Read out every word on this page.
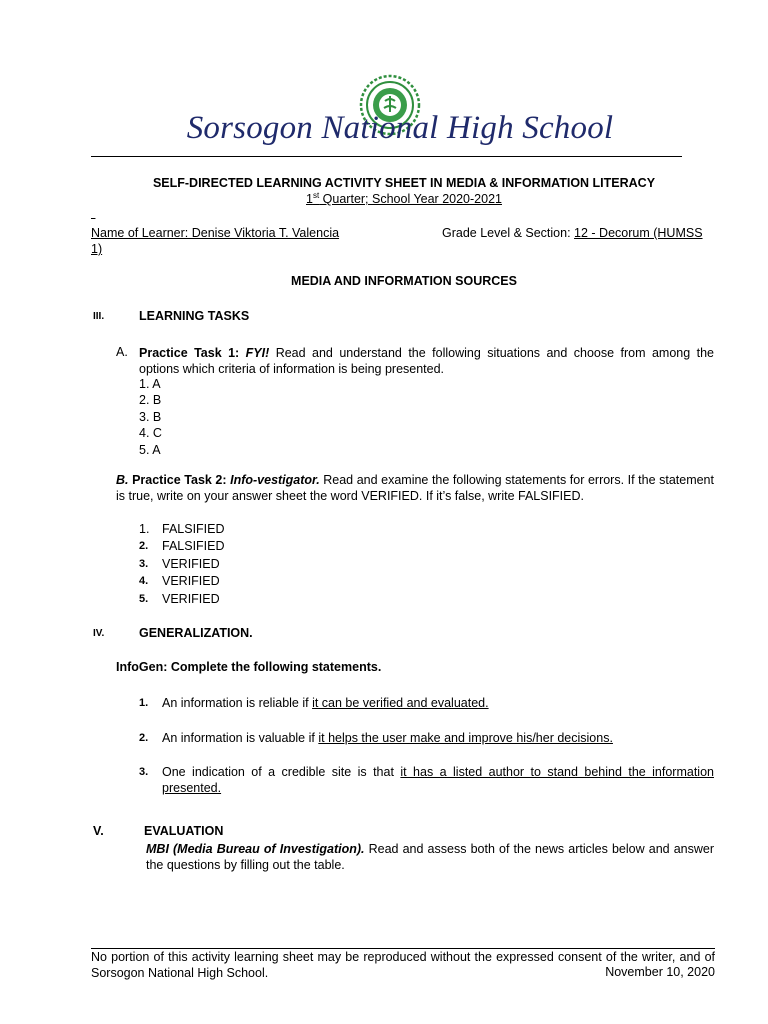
Sorsogon National High School
SELF-DIRECTED LEARNING ACTIVITY SHEET IN MEDIA & INFORMATION LITERACY
1st Quarter; School Year 2020-2021

Name of Learner: Denise Viktoria T. Valencia	Grade Level & Section: 12 - Decorum (HUMSS
1)
MEDIA AND INFORMATION SOURCES
III.	LEARNING TASKS
A. Practice Task 1: FYI! Read and understand the following situations and choose from among the options which criteria of information is being presented.
1. A
2. B
3. B
4. C
5. A
B. Practice Task 2: Info-vestigator. Read and examine the following statements for errors. If the statement is true, write on your answer sheet the word VERIFIED. If it’s false, write FALSIFIED.
1.	FALSIFIED
2.	FALSIFIED
3.	VERIFIED
4.	VERIFIED
5.	VERIFIED
IV.	GENERALIZATION.
InfoGen: Complete the following statements.
1. An information is reliable if it can be verified and evaluated.
2. An information is valuable if it helps the user make and improve his/her decisions.
3. One indication of a credible site is that it has a listed author to stand behind the information presented.
V.	EVALUATION
MBI (Media Bureau of Investigation). Read and assess both of the news articles below and answer the questions by filling out the table.
No portion of this activity learning sheet may be reproduced without the expressed consent of the writer, and of Sorsogon National High School.	November 10, 2020
